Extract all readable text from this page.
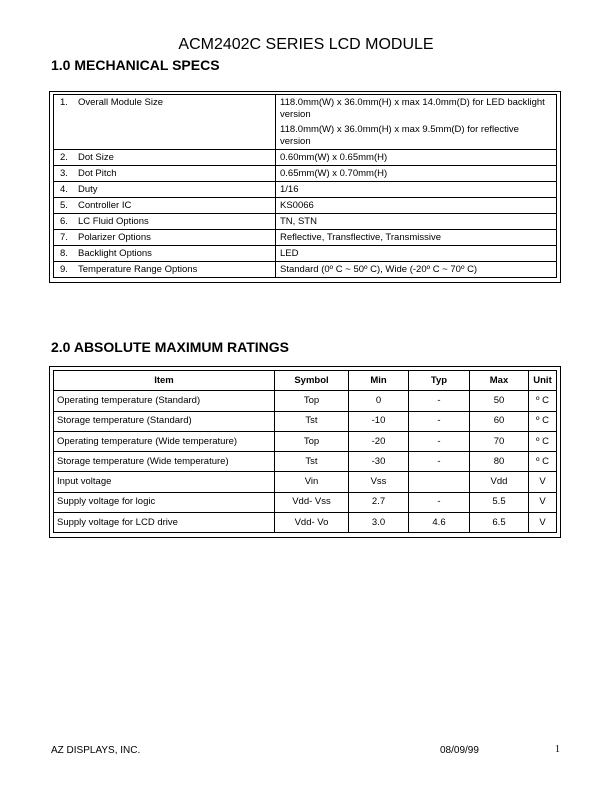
ACM2402C SERIES LCD MODULE
1.0 MECHANICAL SPECS
1. Overall Module Size	118.0mm(W) x 36.0mm(H) x max 14.0mm(D) for LED backlight version

118.0mm(W) x 36.0mm(H) x max 9.5mm(D) for reflective version

2. Dot Size	0.60mm(W) x 0.65mm(H)

3. Dot Pitch	0.65mm(W) x 0.70mm(H)

4. Duty	1/16

5. Controller IC	KS0066

6. LC Fluid Options	TN, STN

7. Polarizer Options	Reflective, Transflective, Transmissive

8. Backlight Options	LED

9. Temperature Range Options	Standard (0º C ~ 50º C), Wide (-20º C ~ 70º C)

2.0 ABSOLUTE MAXIMUM RATINGS
Item	Symbol	Min	Typ	Max	Unit
Operating temperature (Standard)	Top	0	-	50	º C
Storage temperature (Standard)	Tst	-10	-	60	º C
Operating temperature (Wide temperature)	Top	-20	-	70	º C
Storage temperature (Wide temperature)	Tst	-30	-	80	º C
Input voltage	Vin	Vss		Vdd	V
Supply voltage for logic	Vdd- Vss	2.7	-	5.5	V
Supply voltage for LCD drive	Vdd- Vo	3.0	4.6	6.5	V
AZ DISPLAYS, INC.	08/09/99	1
